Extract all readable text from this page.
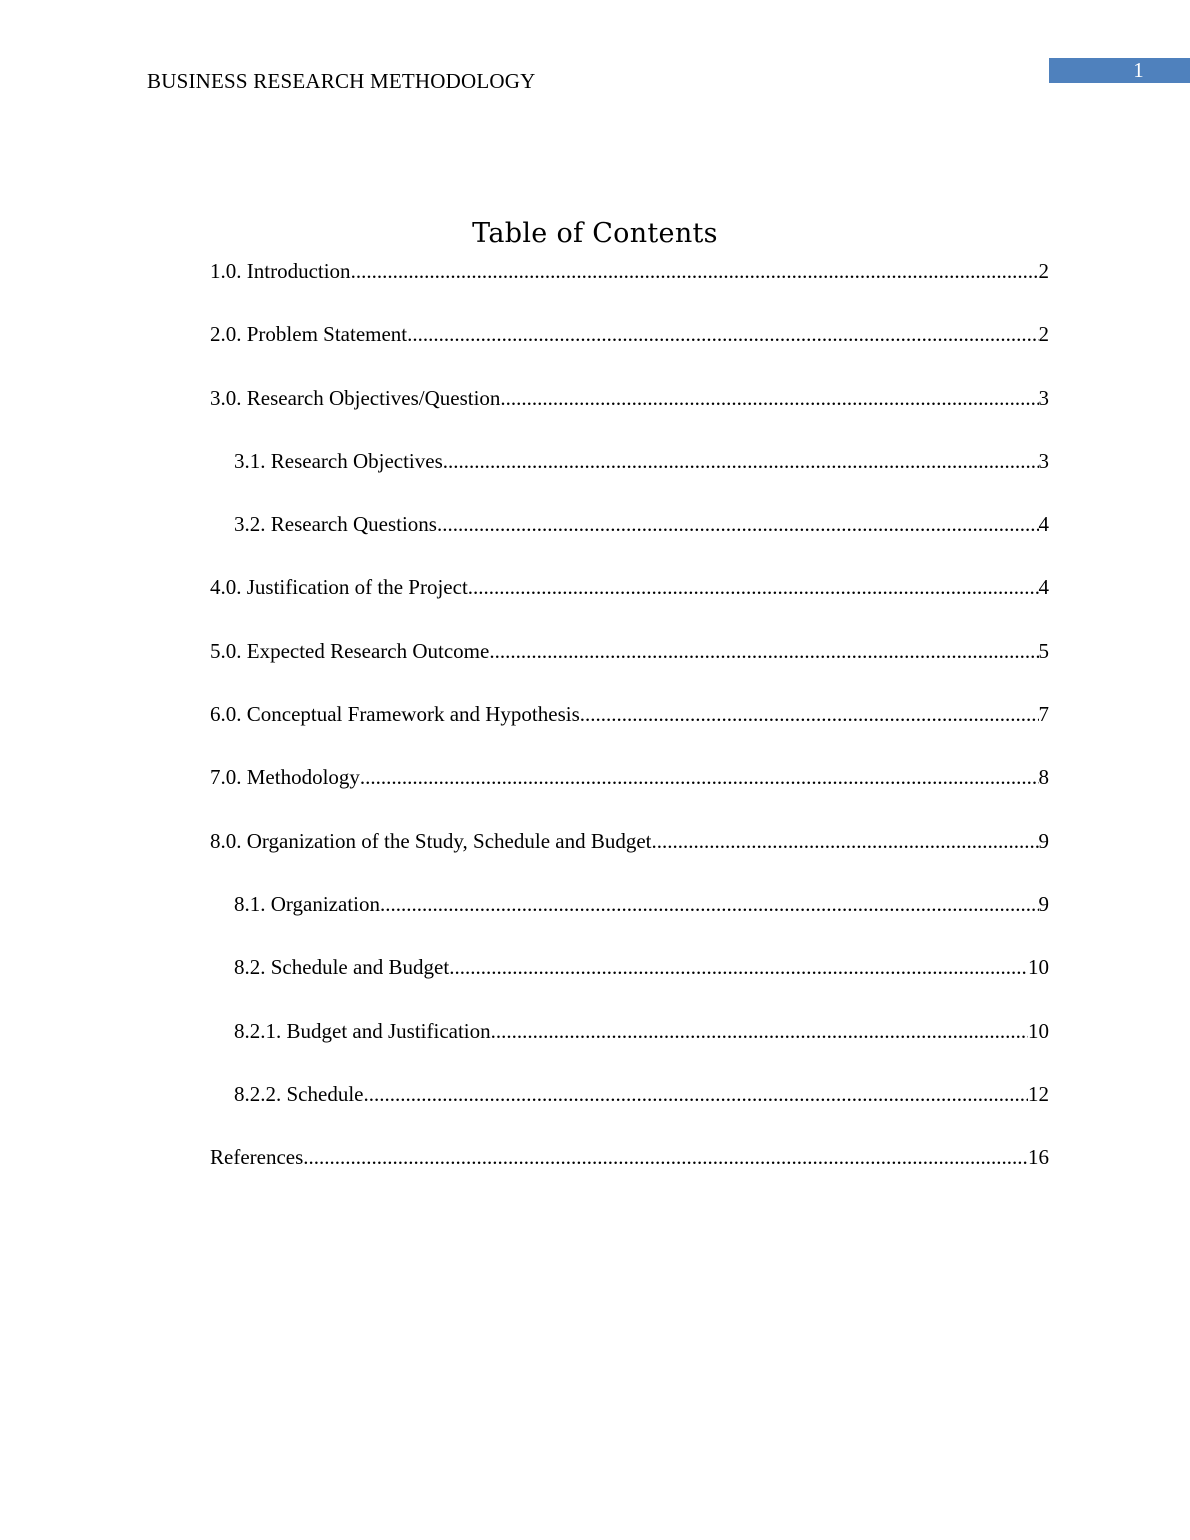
BUSINESS RESEARCH METHODOLOGY	1
Table of Contents
1.0. Introduction .....	2
2.0. Problem Statement .....	2
3.0. Research Objectives/Question .....	3
3.1. Research Objectives .....	3
3.2. Research Questions .....	4
4.0. Justification of the Project .....	4
5.0. Expected Research Outcome .....	5
6.0. Conceptual Framework and Hypothesis .....	7
7.0. Methodology .....	8
8.0. Organization of the Study, Schedule and Budget .....	9
8.1. Organization .....	9
8.2. Schedule and Budget .....	10
8.2.1. Budget and Justification .....	10
8.2.2. Schedule .....	12
References .....	16
